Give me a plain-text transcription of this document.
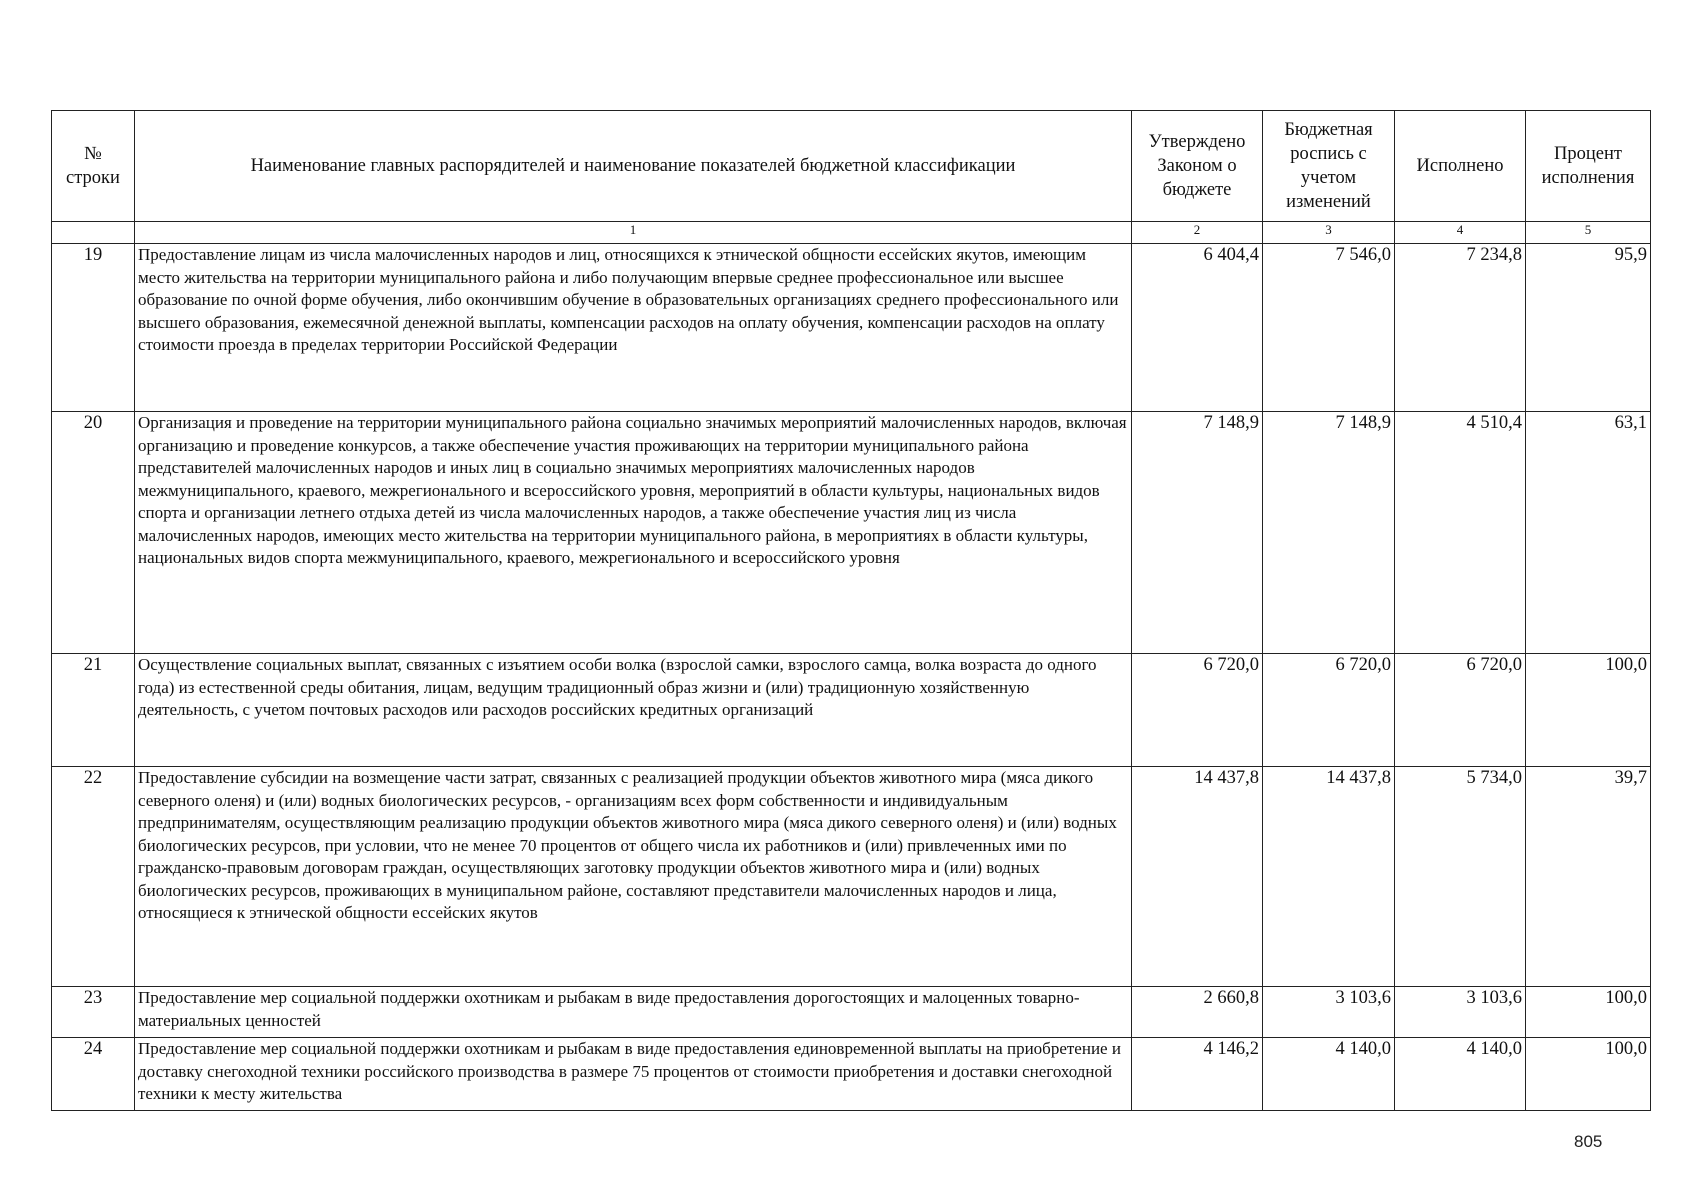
№ строки	Наименование главных распорядителей и наименование показателей бюджетной классификации	Утверждено Законом о бюджете	Бюджетная роспись с учетом изменений	Исполнено	Процент исполнения
	1	2	3	4	5
19	Предоставление лицам из числа малочисленных народов и лиц, относящихся к этнической общности ессейских якутов, имеющим место жительства на территории муниципального района и либо получающим впервые среднее профессиональное или высшее образование по очной форме обучения, либо окончившим обучение в образовательных организациях среднего профессионального или высшего образования, ежемесячной денежной выплаты, компенсации расходов на оплату обучения, компенсации расходов на оплату стоимости проезда в пределах территории Российской Федерации	6 404,4	7 546,0	7 234,8	95,9
20	Организация и проведение на территории муниципального района социально значимых мероприятий малочисленных народов, включая организацию и проведение конкурсов, а также обеспечение участия проживающих на территории муниципального района представителей малочисленных народов и иных лиц в социально значимых мероприятиях малочисленных народов межмуниципального, краевого, межрегионального и всероссийского уровня, мероприятий в области культуры, национальных видов спорта и организации летнего отдыха детей из числа малочисленных народов, а также обеспечение участия лиц из числа малочисленных народов, имеющих место жительства на территории муниципального района, в мероприятиях в области культуры, национальных видов спорта межмуниципального, краевого, межрегионального и всероссийского уровня	7 148,9	7 148,9	4 510,4	63,1
21	Осуществление социальных выплат, связанных с изъятием особи волка (взрослой самки, взрослого самца, волка возраста до одного года) из естественной среды обитания, лицам, ведущим традиционный образ жизни и (или) традиционную хозяйственную деятельность, с учетом почтовых расходов или расходов российских кредитных организаций	6 720,0	6 720,0	6 720,0	100,0
22	Предоставление субсидии на возмещение части затрат, связанных с реализацией продукции объектов животного мира (мяса дикого северного оленя) и (или) водных биологических ресурсов, - организациям всех форм собственности и индивидуальным предпринимателям, осуществляющим реализацию продукции объектов животного мира (мяса дикого северного оленя) и (или) водных биологических ресурсов, при условии, что не менее 70 процентов от общего числа их работников и (или) привлеченных ими по гражданско-правовым договорам граждан, осуществляющих заготовку продукции объектов животного мира и (или) водных биологических ресурсов, проживающих в муниципальном районе, составляют представители малочисленных народов и лица, относящиеся к этнической общности ессейских якутов	14 437,8	14 437,8	5 734,0	39,7
23	Предоставление мер социальной поддержки охотникам и рыбакам в виде предоставления дорогостоящих и малоценных товарно-материальных ценностей	2 660,8	3 103,6	3 103,6	100,0
24	Предоставление мер социальной поддержки охотникам и рыбакам в виде предоставления единовременной выплаты на приобретение и доставку снегоходной техники российского производства в размере 75 процентов от стоимости приобретения и доставки снегоходной техники к месту жительства	4 146,2	4 140,0	4 140,0	100,0
805
